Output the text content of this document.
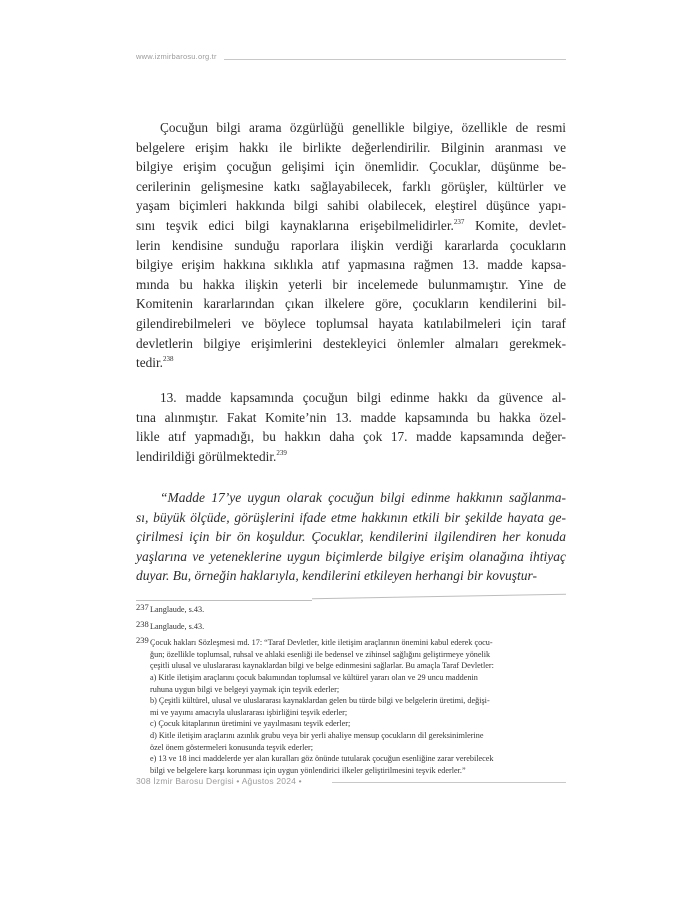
www.izmirbarosu.org.tr
Çocuğun bilgi arama özgürlüğü genellikle bilgiye, özellikle de resmi
belgelere erişim hakkı ile birlikte değerlendirilir. Bilginin aranması ve
bilgiye erişim çocuğun gelişimi için önemlidir. Çocuklar, düşünme be-
cerilerinin gelişmesine katkı sağlayabilecek, farklı görüşler, kültürler ve
yaşam biçimleri hakkında bilgi sahibi olabilecek, eleştirel düşünce yapı-
sını teşvik edici bilgi kaynaklarına erişebilmelidirler.$^{237}$ Komite, devlet-
lerin kendisine sunduğu raporlara ilişkin verdiği kararlarda çocukların
bilgiye erişim hakkına sıklıkla atıf yapmasına rağmen 13. madde kapsa-
mında bu hakka ilişkin yeterli bir incelemede bulunmamıştır. Yine de
Komitenin kararlarından çıkan ilkelere göre, çocukların kendilerini bil-
gilendirebilmeleri ve böylece toplumsal hayata katılabilmeleri için taraf
devletlerin bilgiye erişimlerini destekleyici önlemler almaları gerekmek-
tedir.$^{238}$
13. madde kapsamında çocuğun bilgi edinme hakkı da güvence al-
tına alınmıştır. Fakat Komite’nin 13. madde kapsamında bu hakka özel-
likle atıf yapmadığı, bu hakkın daha çok 17. madde kapsamında değer-
lendirildiği görülmektedir.$^{239}$
“Madde 17’ye uygun olarak çocuğun bilgi edinme hakkının sağlanma-
sı, büyük ölçüde, görüşlerini ifade etme hakkının etkili bir şekilde hayata ge-
çirilmesi için bir ön koşuldur. Çocuklar, kendilerini ilgilendiren her konuda
yaşlarına ve yeteneklerine uygun biçimlerde bilgiye erişim olanağına ihtiyaç
duyar. Bu, örneğin haklarıyla, kendilerini etkileyen herhangi bir kovuştur-
237 Langlaude, s.43.
238 Langlaude, s.43.
239 Çocuk hakları Sözleşmesi md. 17: “Taraf Devletler, kitle iletişim araçlarının önemini kabul ederek çocu-
ğun; özellikle toplumsal, ruhsal ve ahlaki esenliği ile bedensel ve zihinsel sağlığını geliştirmeye yönelik
çeşitli ulusal ve uluslararası kaynaklardan bilgi ve belge edinmesini sağlarlar. Bu amaçla Taraf Devletler:
a) Kitle iletişim araçlarını çocuk bakımından toplumsal ve kültürel yararı olan ve 29 uncu maddenin
ruhuna uygun bilgi ve belgeyi yaymak için teşvik ederler;
b) Çeşitli kültürel, ulusal ve uluslararası kaynaklardan gelen bu türde bilgi ve belgelerin üretimi, değişi-
mi ve yayımı amacıyla uluslararası işbirliğini teşvik ederler;
c) Çocuk kitaplarının üretimini ve yayılmasını teşvik ederler;
d) Kitle iletişim araçlarını azınlık grubu veya bir yerli ahaliye mensup çocukların dil gereksinimlerine
özel önem göstermeleri konusunda teşvik ederler;
e) 13 ve 18 inci maddelerde yer alan kuralları göz önünde tutularak çocuğun esenliğine zarar verebilecek
bilgi ve belgelere karşı korunması için uygun yönlendirici ilkeler geliştirilmesini teşvik ederler.”
308 İzmir Barosu Dergisi • Ağustos 2024 •
